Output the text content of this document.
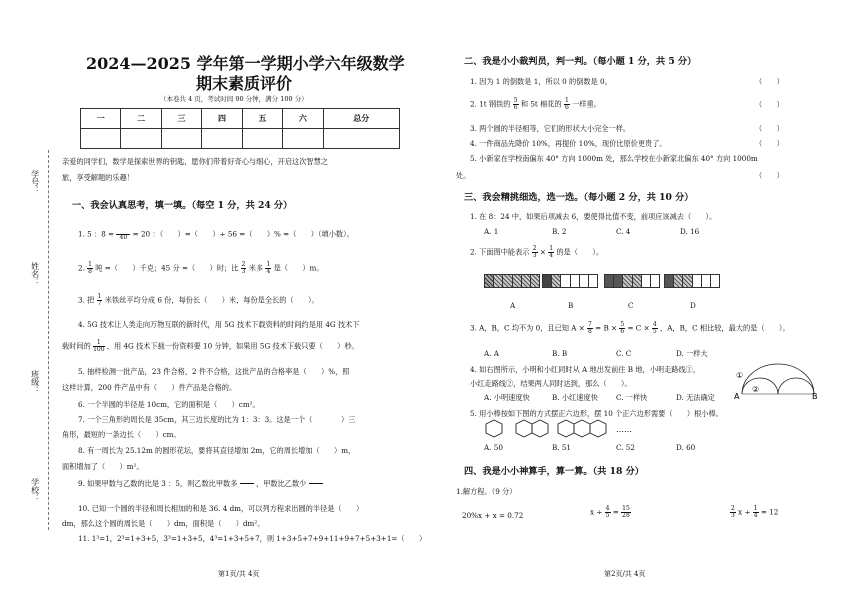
学号：
姓名：
班级：
学校：
2024—2025 学年第一学期小学六年级数学
期末素质评价
（本卷共 4 页，考试时间 90 分钟，满分 100 分）
一	二	三	四	五	六	总分

亲爱的同学们，数学是探索世界的钥匙，愿你们带着好奇心与细心，开启这次智慧之
旅，享受解题的乐趣！
一、我会认真思考，填一填。（每空 1 分，共 24 分）
1. 5 ：8 = 40 = 20 ：（　　）=（　　）÷ 56 =（　　）% =（　　）（填小数）。
2. $\frac{1}{8}$ 吨 =（　　）千克；45 分 =（　　）时；比 $\frac{2}{3}$ 米多 $\frac{1}{4}$ 是（　　）m。
3. 把 $\frac{1}{7}$ 米铁丝平均分成 6 份，每份长（　　）米，每份是全长的（　　）。
4. 5G 技术让人类走向万物互联的新时代，用 5G 技术下载资料的时间约是用 4G 技术下
载时间的 $\frac{1}{100}$ ，用 4G 技术下载一份资料要 10 分钟，如果用 5G 技术下载只要（　　）秒。
5. 抽样检测一批产品，23 件合格，2 件不合格，这批产品的合格率是（　　）%，照
这样计算，200 件产品中有（　　）件产品是合格的。
6. 一个半圆的半径是 10cm，它的面积是（　　）cm²。
7. 一个三角形的周长是 35cm，其三边长度的比为 1：3：3。这是一个（　　　　）三
角形，最短的一条边长（　　）cm。
8. 有一周长为 25.12m 的圆形花坛，要将其直径增加 2m，它的周长增加（　　）m，
面积增加了（　　）m²。
9. 如果甲数与乙数的比是 3 ：5，则乙数比甲数多	，甲数比乙数少
10. 已知一个圆的半径和周长相加的和是 36. 4 dm，可以列方程求出圆的半径是（　　）
dm，那么这个圆的周长是（　　）dm，面积是（　　）dm²。
11. 1³=1，2³=1+3+5，3³=1+3+5，4³=1+3+5+7，则 1+3+5+7+9+11+9+7+5+3+1=（　　）
第1页/共 4页
二、我是小小裁判员，判一判。（每小题 1 分，共 5 分）
1. 因为 1 的倒数是 1，所以 0 的倒数是 0。	（　　）
2. 1t 钢铁的 $\frac{5}{6}$ 和 5t 棉花的 $\frac{1}{6}$ 一样重。	（　　）
3. 两个圆的半径相等，它们的形状大小完全一样。	（　　）
4. 一件商品先降价 10%，再提价 10%，现价比原价更贵了。	（　　）
5. 小新家在学校南偏东 40° 方向 1000m 处，那么学校在小新家北偏东 40° 方向 1000m
处。	（　　）
三、我会精挑细选，选一选。（每小题 2 分，共 10 分）
1. 在 8：24 中，如果后项减去 6，要使得比值不变，前项应该减去（　　）。
A. 1	B. 2	C. 4	D. 16
2. 下面图中能表示 $\frac{2}{3} \times \frac{1}{4}$ 的是（　　）。
A	B	C	D
3. A，B，C 均不为 0，且已知 $A \times \frac{7}{8} = B \times \frac{5}{6} = C \times \frac{4}{5}$ ，A，B，C 相比较，最大的是（　　）。
A. A	B. B	C. C	D. 一样大
4. 如右图所示，小明和小红同时从 A 地出发前往 B 地，小明走路线①，
小红走路线②，结果两人同时达到，那么（　　）。
A. 小明速度快	B. 小红速度快	C. 一样快	D. 无法确定
①
②
A	B
5. 用小棒按如下图的方式摆正六边形，摆 10 个正六边形需要（　　）根小棒。
……
A. 50	B. 51	C. 52	D. 60
四、我是小小神算手，算一算。（共 18 分）
1.解方程。（9 分）
20%x + x = 0.72	$x \div \frac{4}{5} = \frac{15}{28}$	$\frac{2}{3}$ $x \div \frac{1}{4} = 12$
第2页/共 4页
